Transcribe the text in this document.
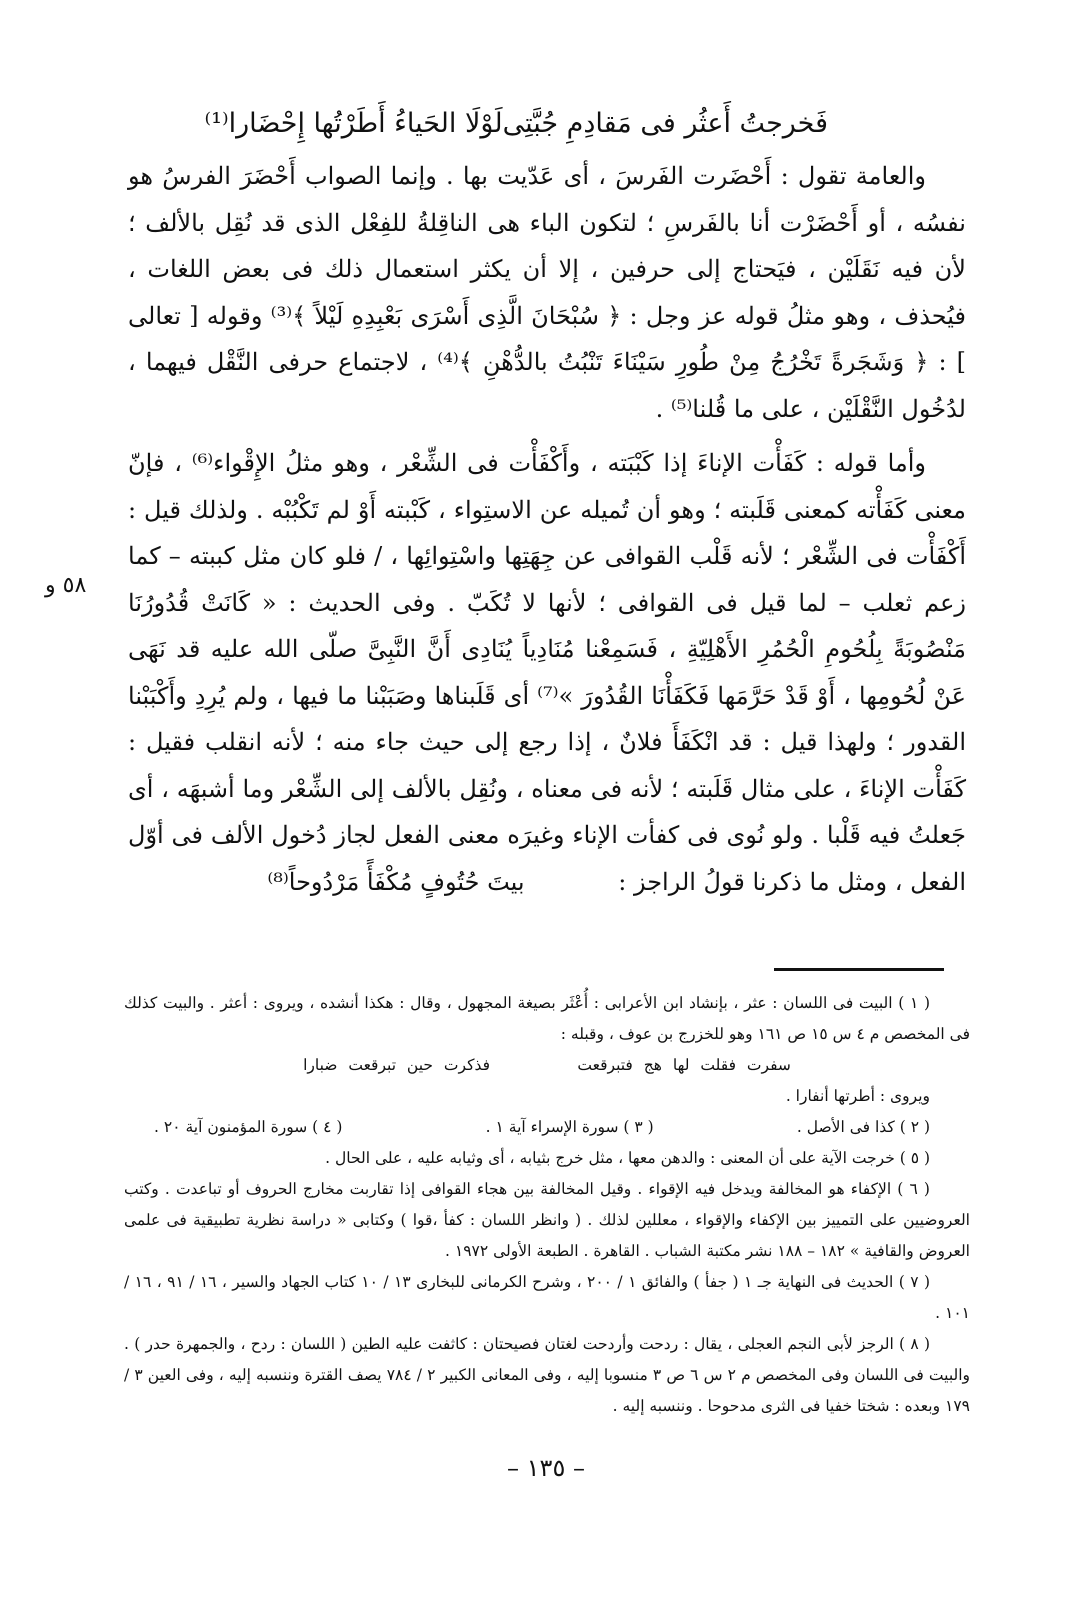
فَخرجتُ أَعثُر فى مَقادِمِ جُبَّتِى
لَوْلَا الحَياءُ أَطَرْتُها إِحْضَارا⁽¹⁾

والعامة تقول : أَحْضَرت الفَرسَ ، أى عَدّيت بها . وإنما الصواب أَحْضَرَ الفرسُ هو نفسُه ، أو أَحْضَرْت أنا بالفَرسِ ؛ لتكون الباء هى الناقِلةُ للفِعْل الذى قد نُقِل بالألف ؛ لأن فيه نَقَلَيْن ، فيَحتاج إلى حرفين ، إلا أن يكثر استعمال ذلك فى بعض اللغات ، فيُحذف ، وهو مثلُ قوله عز وجل : ﴿ سُبْحَانَ الَّذِى أَسْرَى بَعْبِدِهِ لَيْلاً ﴾⁽³⁾ وقوله [ تعالى ] : ﴿ وَشَجَرةً تَخْرُجُ مِنْ طُورِ سَيْنَاءَ تَنْبُتُ بالدُّهْنِ ﴾⁽⁴⁾ ، لاجتماع حرفى النَّقْل فيهما ، لدُخُول النَّقْلَيْن ، على ما قُلنا⁽⁵⁾ .

وأما قوله : كَفَأْت الإناءَ إذا كَبْبَته ، وأَكْفَأْت فى الشِّعْر ، وهو مثلُ الإِقْواء⁽⁶⁾ ، فإنّ معنى كَفَأْته كمعنى قَلَبته ؛ وهو أن تُميله عن الاستِواء ، كَبْبته أَوْ لم تَكْبُبْه . ولذلك قيل : أَكْفَأْت فى الشِّعْر ؛ لأنه قَلْب القوافى عن جِهَتِها واسْتِوائِها ، / فلو كان مثل كببته – كما زعم ثعلب – لما قيل فى القوافى ؛ لأنها لا تُكَبّ . وفى الحديث : « كَانَتْ قُدُورُنَا مَنْصُوبَةً بِلُحُومِ الْحُمُرِ الأَهْلِيّةِ ، فَسَمِعْنا مُنَادِياً يُنَادِى أَنَّ النَّبِىَّ صلّى الله عليه قد نَهَى عَنْ لُحُومِها ، أَوْ قَدْ حَرَّمَها فَكَفَأْنَا القُدُورَ »⁽⁷⁾ أى قَلَبناها وصَبَبْنا ما فيها ، ولم يُرِدِ وأَكْبَبْنا القدور ؛ ولهذا قيل : قد انْكَفَأَ فلانٌ ، إذا رجع إلى حيث جاء منه ؛ لأنه انقلب فقيل : كَفَأْت الإناءَ ، على مثال قَلَبته ؛ لأنه فى معناه ، ونُقِل بالألف إلى الشِّعْر وما أشبهَه ، أى جَعلتُ فيه قَلْبا . ولو نُوى فى كفأت الإناء وغيرَه معنى الفعل لجاز دُخول الألف فى أوّل الفعل ، ومثل ما ذكرنا قولُ الراجز : بيتَ حُتُوفٍ مُكْفَأً مَرْدُوحاً⁽⁸⁾

٥٨ و

( ١ ) البيت فى اللسان : عثر ، بإنشاد ابن الأعرابى : أُعْثَر بصيغة المجهول ، وقال : هكذا أنشده ، ويروى : أعثر . والبيت كذلك فى المخصص م ٤ س ١٥ ص ١٦١ وهو للخزرج بن عوف ، وقبله :

سفرت فقلت لها هج فتبرقعت        فذكرت حين تبرقعت ضبارا

ويروى : أطرتها أنفارا .

( ٢ ) كذا فى الأصل .
( ٣ ) سورة الإسراء آية ١ .
( ٤ ) سورة المؤمنون آية ٢٠ .

( ٥ ) خرجت الآية على أن المعنى : والدهن معها ، مثل خرج بثيابه ، أى وثيابه عليه ، على الحال .

( ٦ ) الإكفاء هو المخالفة ويدخل فيه الإقواء . وقيل المخالفة بين هجاء القوافى إذا تقاربت مخارج الحروف أو تباعدت . وكتب العروضيين على التمييز بين الإكفاء والإقواء ، معللين لذلك . ( وانظر اللسان : كفأ ،قوا ) وكتابى « دراسة نظرية تطبيقية فى علمى العروض والقافية » ١٨٢ – ١٨٨ نشر مكتبة الشباب . القاهرة . الطبعة الأولى ١٩٧٢ .

( ٧ ) الحديث فى النهاية جـ ١ ( جفأ ) والفائق ١ / ٢٠٠ ، وشرح الكرمانى للبخارى ١٣ / ١٠ كتاب الجهاد والسير ، ١٦ / ٩١ ، ١٦ / ١٠١ .

( ٨ ) الرجز لأبى النجم العجلى ، يقال : ردحت وأردحت لغتان فصيحتان : كاثفت عليه الطين ( اللسان : ردح ، والجمهرة حدر ) . والبيت فى اللسان وفى المخصص م ٢ س ٦ ص ٣ منسوبا إليه ، وفى المعانى الكبير ٢ / ٧٨٤ يصف القترة وننسبه إليه ، وفى العين ٣ / ١٧٩ وبعده : شختا خفيا فى الثرى مدحوحا . وننسبه إليه .

– ١٣٥ –
